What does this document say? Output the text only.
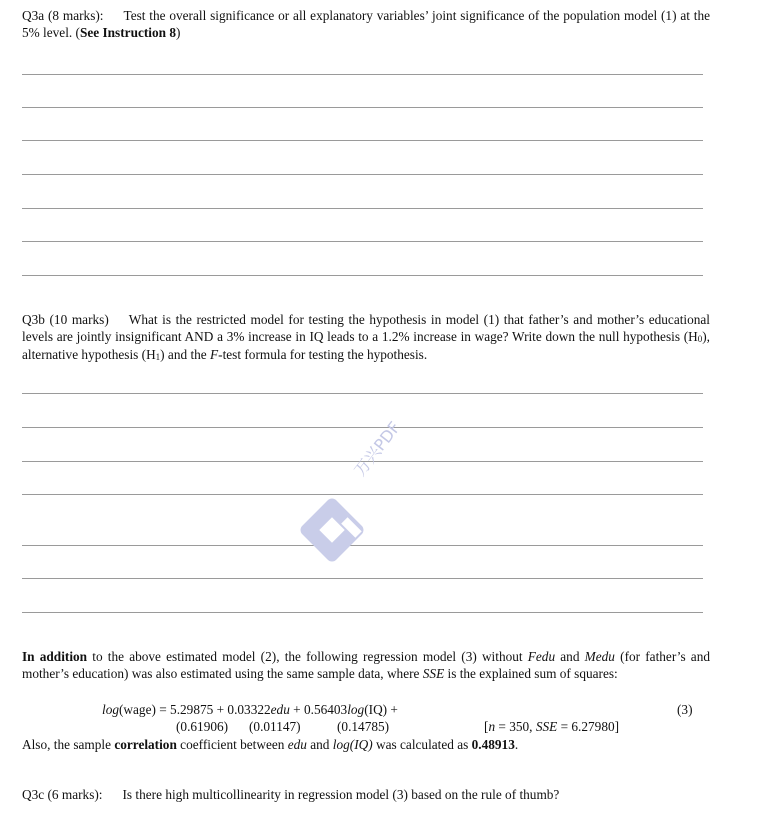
Q3a (8 marks): Test the overall significance or all explanatory variables’ joint significance of the population model (1) at the 5% level. (See Instruction 8)
Q3b (10 marks) What is the restricted model for testing the hypothesis in model (1) that father’s and mother’s educational levels are jointly insignificant AND a 3% increase in IQ leads to a 1.2% increase in wage? Write down the null hypothesis $(H_0)$, alternative hypothesis $(H_1)$ and the F-test formula for testing the hypothesis.
万兴PDF
In addition to the above estimated model (2), the following regression model (3) without Fedu and Medu (for father’s and mother’s education) was also estimated using the same sample data, where SSE is the explained sum of squares:
log(wage) = 5.29875 + 0.03322edu + 0.56403log(IQ) +	(3)
(0.61906) (0.01147)	(0.14785)	[n = 350, SSE = 6.27980]
Also, the sample correlation coefficient between edu and log(IQ) was calculated as 0.48913.
Q3c (6 marks): Is there high multicollinearity in regression model (3) based on the rule of thumb?
